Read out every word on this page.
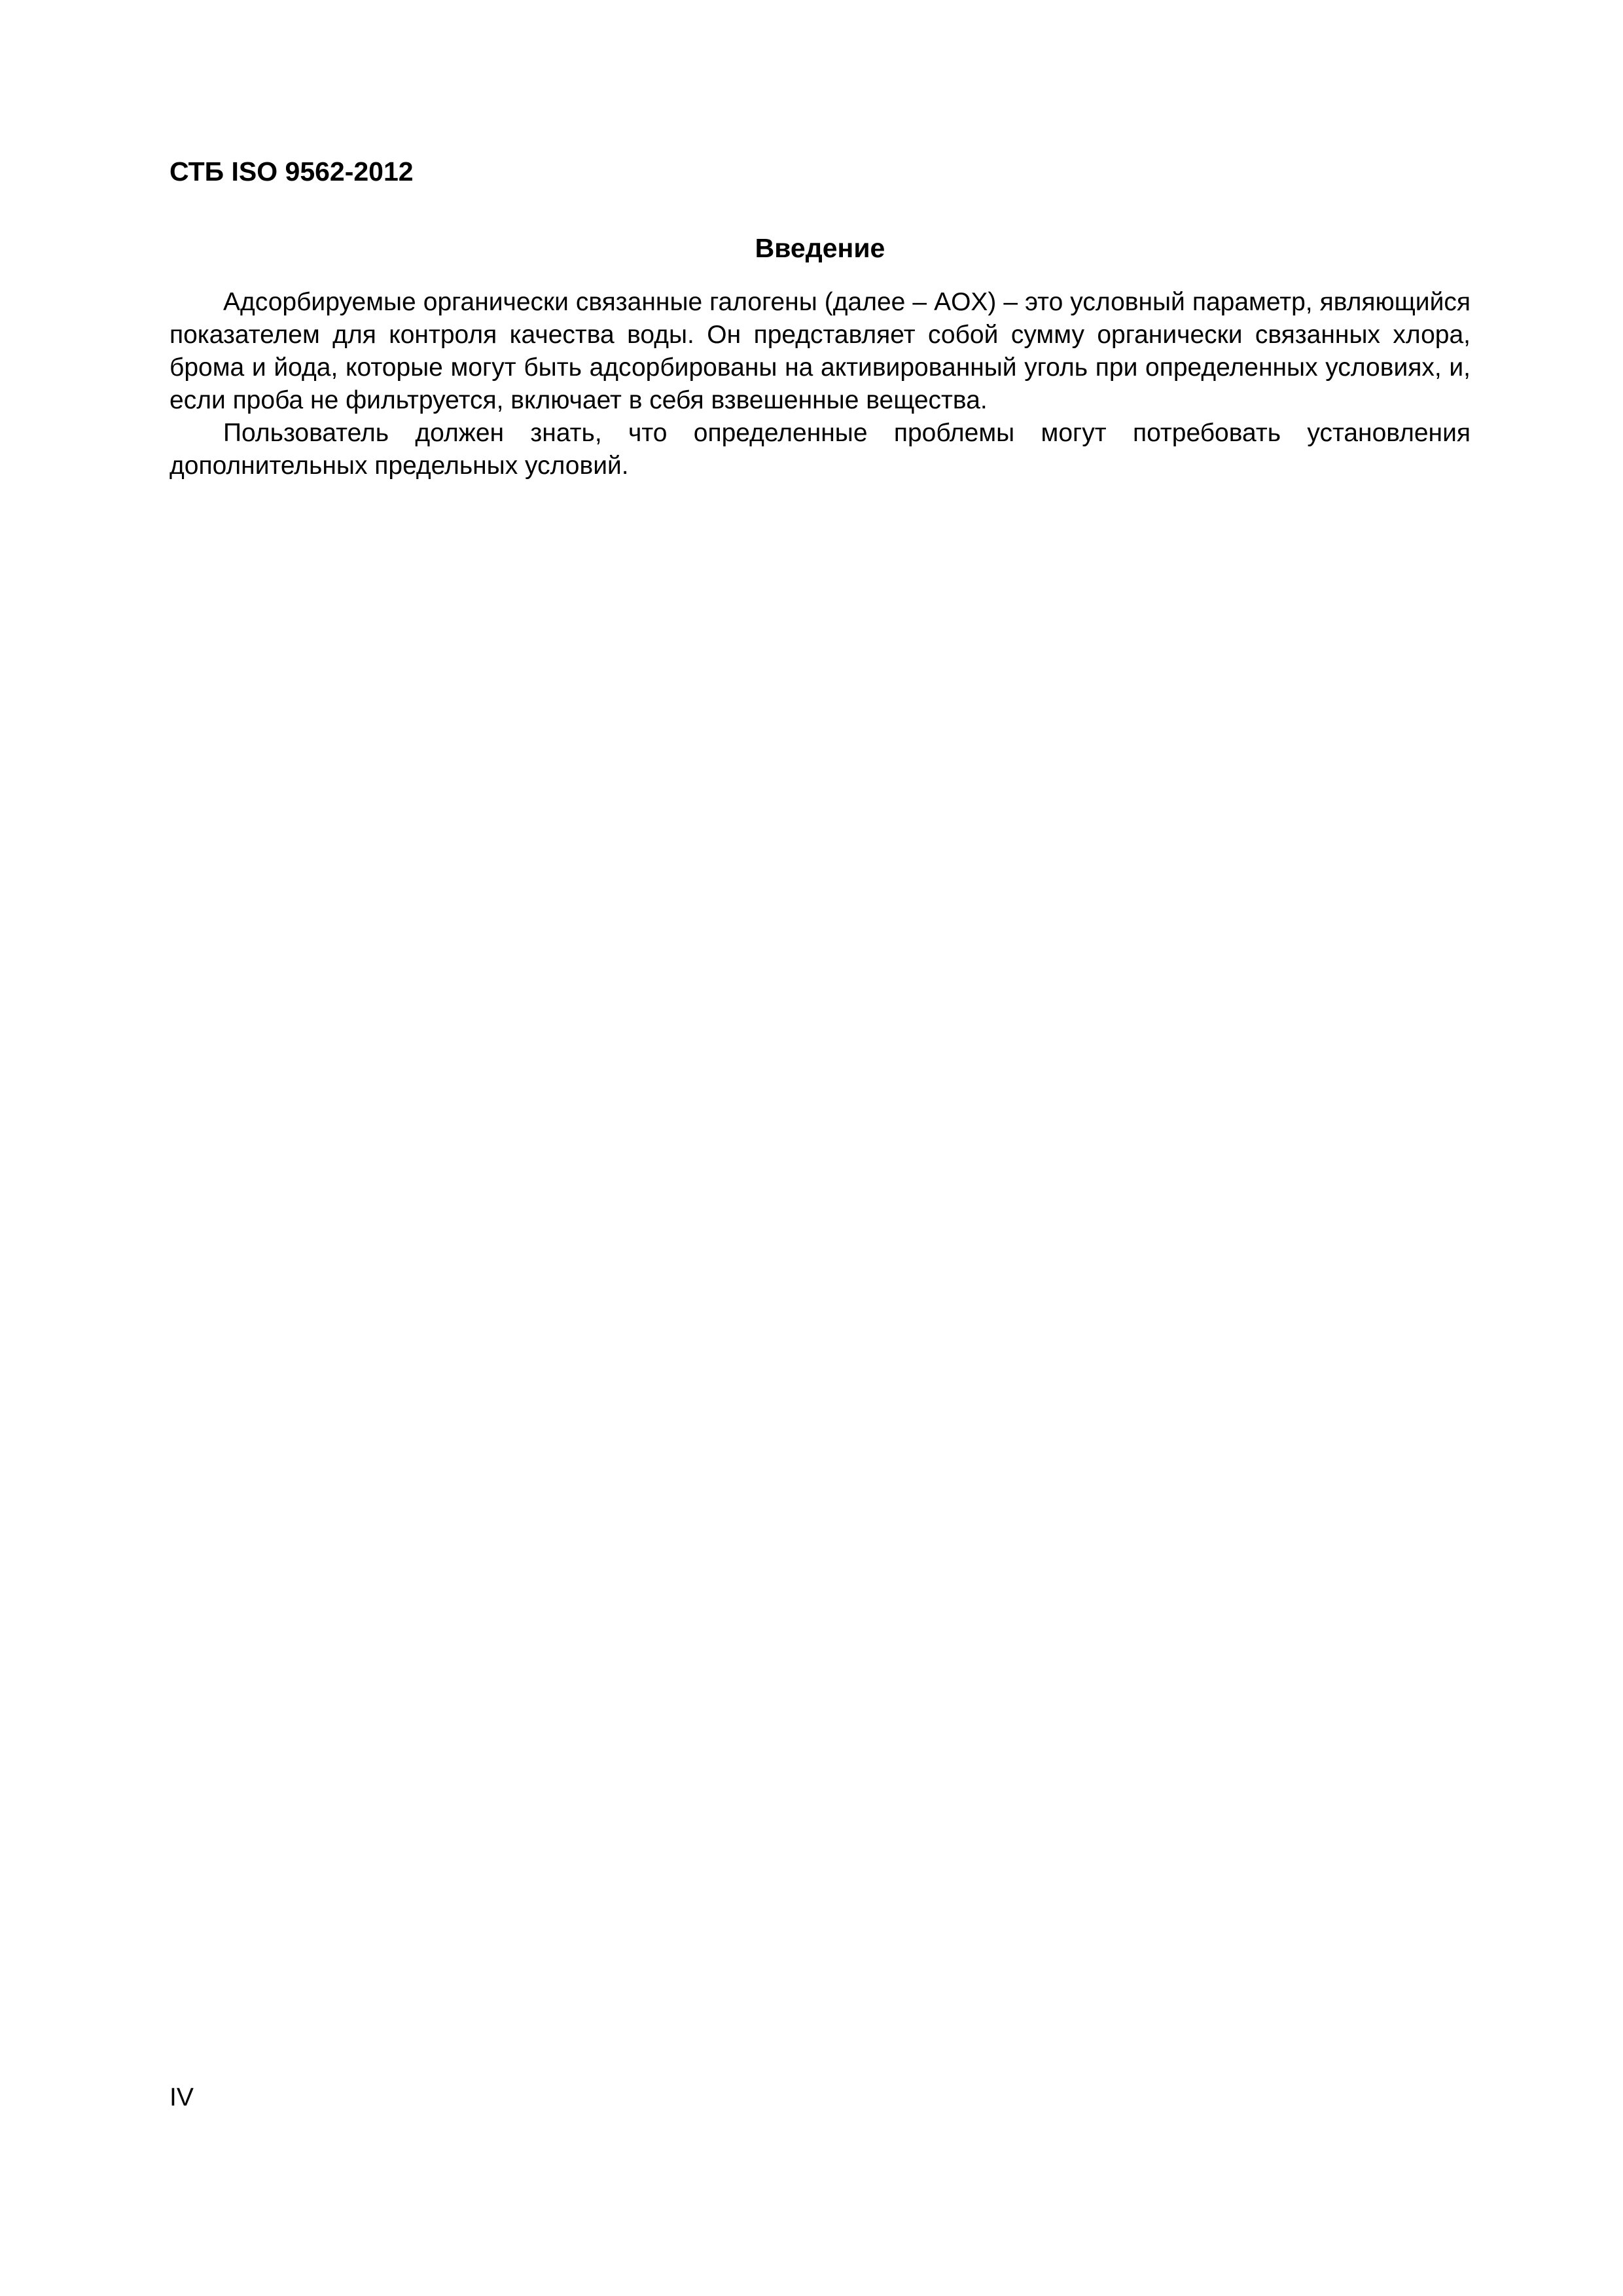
СТБ ISO 9562-2012
Введение

Адсорбируемые органически связанные галогены (далее – AOX) – это условный параметр, являющийся показателем для контроля качества воды. Он представляет собой сумму органически связанных хлора, брома и йода, которые могут быть адсорбированы на активированный уголь при определенных условиях, и, если проба не фильтруется, включает в себя взвешенные вещества.

Пользователь должен знать, что определенные проблемы могут потребовать установления дополнительных предельных условий.

IV
